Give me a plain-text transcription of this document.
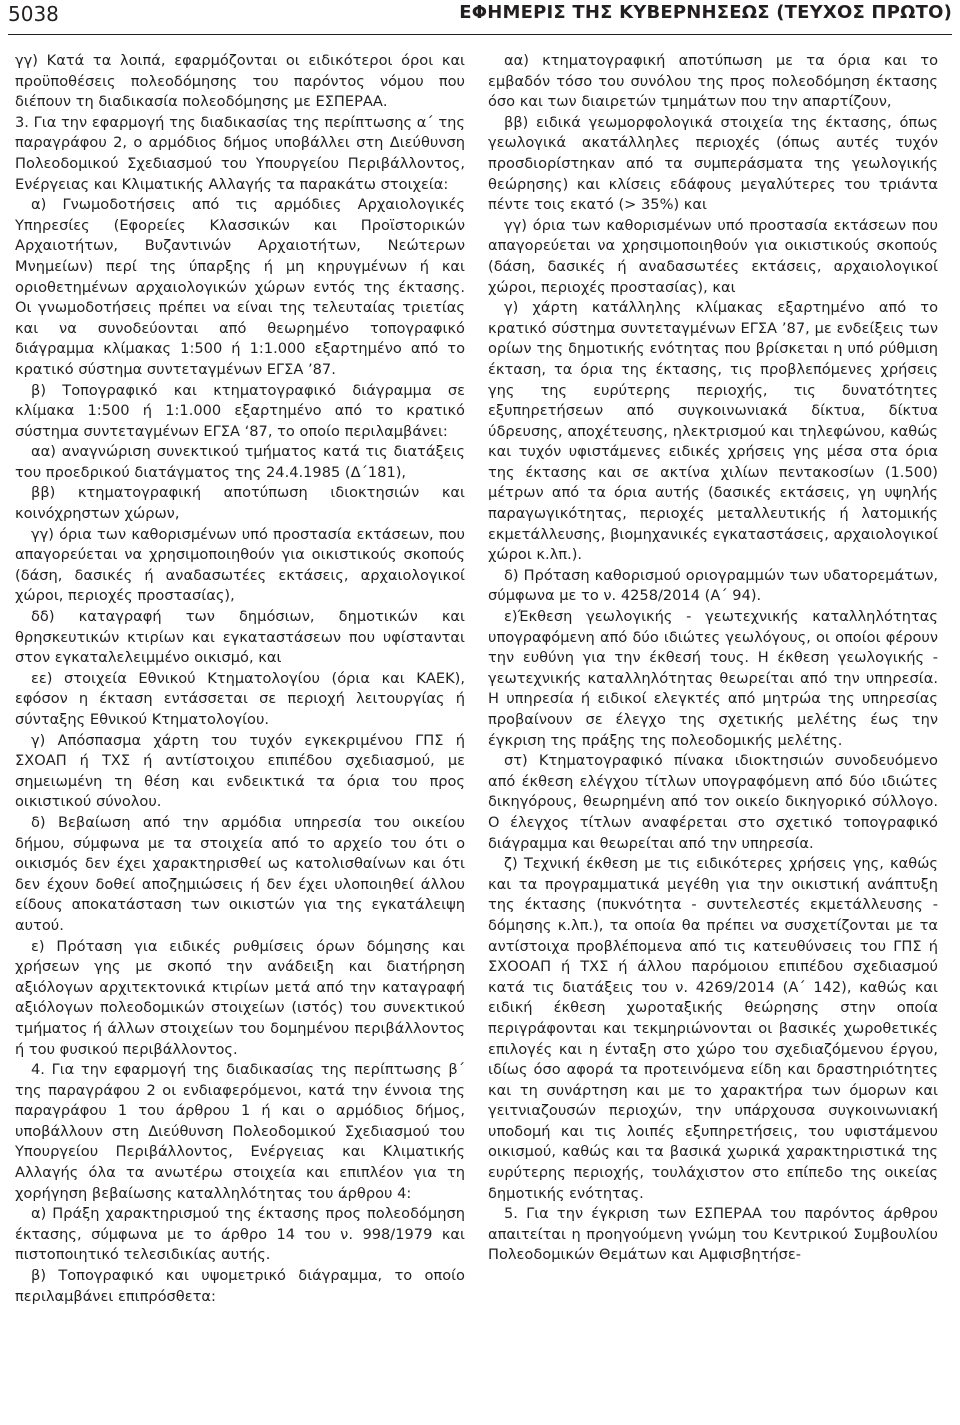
5038	ΕΦΗΜΕΡΙΣ ΤΗΣ ΚΥΒΕΡΝΗΣΕΩΣ (ΤΕΥΧΟΣ ΠΡΩΤΟ)

γγ) Κατά τα λοιπά, εφαρμόζονται οι ειδικότεροι όροι και προϋποθέσεις πολεοδόμησης του παρόντος νόμου που διέπουν τη διαδικασία πολεοδόμησης με ΕΣΠΕΡΑΑ.

3. Για την εφαρμογή της διαδικασίας της περίπτωσης α΄ της παραγράφου 2, ο αρμόδιος δήμος υποβάλλει στη Διεύθυνση Πολεοδομικού Σχεδιασμού του Υπουργείου Περιβάλλοντος, Ενέργειας και Κλιματικής Αλλαγής τα παρακάτω στοιχεία:

α) Γνωμοδοτήσεις από τις αρμόδιες Αρχαιολογικές Υπηρεσίες (Εφορείες Κλασσικών και Προϊστορικών Αρχαιοτήτων, Βυζαντινών Αρχαιοτήτων, Νεώτερων Μνημείων) περί της ύπαρξης ή μη κηρυγμένων ή και οριοθετημένων αρχαιολογικών χώρων εντός της έκτασης. Οι γνωμοδοτήσεις πρέπει να είναι της τελευταίας τριετίας και να συνοδεύονται από θεωρημένο τοπογραφικό διάγραμμα κλίμακας 1:500 ή 1:1.000 εξαρτημένο από το κρατικό σύστημα συντεταγμένων ΕΓΣΑ ’87.

β) Τοπογραφικό και κτηματογραφικό διάγραμμα σε κλίμακα 1:500 ή 1:1.000 εξαρτημένο από το κρατικό σύστημα συντεταγμένων ΕΓΣΑ ‘87, το οποίο περιλαμβάνει:

αα) αναγνώριση συνεκτικού τμήματος κατά τις διατάξεις του προεδρικού διατάγματος της 24.4.1985 (Δ΄181),

ββ) κτηματογραφική αποτύπωση ιδιοκτησιών και κοινόχρηστων χώρων,

γγ) όρια των καθορισμένων υπό προστασία εκτάσεων, που απαγορεύεται να χρησιμοποιηθούν για οικιστικούς σκοπούς (δάση, δασικές ή αναδασωτέες εκτάσεις, αρχαιολογικοί χώροι, περιοχές προστασίας),

δδ) καταγραφή των δημόσιων, δημοτικών και θρησκευτικών κτιρίων και εγκαταστάσεων που υφίστανται στον εγκαταλελειμμένο οικισμό, και

εε) στοιχεία Εθνικού Κτηματολογίου (όρια και ΚΑΕΚ), εφόσον η έκταση εντάσσεται σε περιοχή λειτουργίας ή σύνταξης Εθνικού Κτηματολογίου.

γ) Απόσπασμα χάρτη του τυχόν εγκεκριμένου ΓΠΣ ή ΣΧΟΑΠ ή ΤΧΣ ή αντίστοιχου επιπέδου σχεδιασμού, με σημειωμένη τη θέση και ενδεικτικά τα όρια του προς οικιστικού σύνολου.

δ) Βεβαίωση από την αρμόδια υπηρεσία του οικείου δήμου, σύμφωνα με τα στοιχεία από το αρχείο του ότι ο οικισμός δεν έχει χαρακτηρισθεί ως κατολισθαίνων και ότι δεν έχουν δοθεί αποζημιώσεις ή δεν έχει υλοποιηθεί άλλου είδους αποκατάσταση των οικιστών για της εγκατάλειψη αυτού.

ε) Πρόταση για ειδικές ρυθμίσεις όρων δόμησης και χρήσεων γης με σκοπό την ανάδειξη και διατήρηση αξιόλογων αρχιτεκτονικά κτιρίων μετά από την καταγραφή αξιόλογων πολεοδομικών στοιχείων (ιστός) του συνεκτικού τμήματος ή άλλων στοιχείων του δομημένου περιβάλλοντος ή του φυσικού περιβάλλοντος.

4. Για την εφαρμογή της διαδικασίας της περίπτωσης β΄ της παραγράφου 2 οι ενδιαφερόμενοι, κατά την έννοια της παραγράφου 1 του άρθρου 1 ή και ο αρμόδιος δήμος, υποβάλλουν στη Διεύθυνση Πολεοδομικού Σχεδιασμού του Υπουργείου Περιβάλλοντος, Ενέργειας και Κλιματικής Αλλαγής όλα τα ανωτέρω στοιχεία και επιπλέον για τη χορήγηση βεβαίωσης καταλληλότητας του άρθρου 4:

α) Πράξη χαρακτηρισμού της έκτασης προς πολεοδόμηση έκτασης, σύμφωνα με το άρθρο 14 του ν. 998/1979 και πιστοποιητικό τελεσιδικίας αυτής.

β) Τοπογραφικό και υψομετρικό διάγραμμα, το οποίο περιλαμβάνει επιπρόσθετα:

αα) κτηματογραφική αποτύπωση με τα όρια και το εμβαδόν τόσο του συνόλου της προς πολεοδόμηση έκτασης όσο και των διαιρετών τμημάτων που την απαρτίζουν,

ββ) ειδικά γεωμορφολογικά στοιχεία της έκτασης, όπως γεωλογικά ακατάλληλες περιοχές (όπως αυτές τυχόν προσδιορίστηκαν από τα συμπεράσματα της γεωλογικής θεώρησης) και κλίσεις εδάφους μεγαλύτερες του τριάντα πέντε τοις εκατό (> 35%) και

γγ) όρια των καθορισμένων υπό προστασία εκτάσεων που απαγορεύεται να χρησιμοποιηθούν για οικιστικούς σκοπούς (δάση, δασικές ή αναδασωτέες εκτάσεις, αρχαιολογικοί χώροι, περιοχές προστασίας), και

γ) χάρτη κατάλληλης κλίμακας εξαρτημένο από το κρατικό σύστημα συντεταγμένων ΕΓΣΑ ’87, με ενδείξεις των ορίων της δημοτικής ενότητας που βρίσκεται η υπό ρύθμιση έκταση, τα όρια της έκτασης, τις προβλεπόμενες χρήσεις γης της ευρύτερης περιοχής, τις δυνατότητες εξυπηρετήσεων από συγκοινωνιακά δίκτυα, δίκτυα ύδρευσης, αποχέτευσης, ηλεκτρισμού και τηλεφώνου, καθώς και τυχόν υφιστάμενες ειδικές χρήσεις γης μέσα στα όρια της έκτασης και σε ακτίνα χιλίων πεντακοσίων (1.500) μέτρων από τα όρια αυτής (δασικές εκτάσεις, γη υψηλής παραγωγικότητας, περιοχές μεταλλευτικής ή λατομικής εκμετάλλευσης, βιομηχανικές εγκαταστάσεις, αρχαιολογικοί χώροι κ.λπ.).

δ) Πρόταση καθορισμού οριογραμμών των υδατορεμάτων, σύμφωνα με το ν. 4258/2014 (Α΄ 94).

ε)Έκθεση γεωλογικής - γεωτεχνικής καταλληλότητας υπογραφόμενη από δύο ιδιώτες γεωλόγους, οι οποίοι φέρουν την ευθύνη για την έκθεσή τους. Η έκθεση γεωλογικής - γεωτεχνικής καταλληλότητας θεωρείται από την υπηρεσία. Η υπηρεσία ή ειδικοί ελεγκτές από μητρώα της υπηρεσίας προβαίνουν σε έλεγχο της σχετικής μελέτης έως την έγκριση της πράξης της πολεοδομικής μελέτης.

στ) Κτηματογραφικό πίνακα ιδιοκτησιών συνοδευόμενο από έκθεση ελέγχου τίτλων υπογραφόμενη από δύο ιδιώτες δικηγόρους, θεωρημένη από τον οικείο δικηγορικό σύλλογο. Ο έλεγχος τίτλων αναφέρεται στο σχετικό τοπογραφικό διάγραμμα και θεωρείται από την υπηρεσία.

ζ) Τεχνική έκθεση με τις ειδικότερες χρήσεις γης, καθώς και τα προγραμματικά μεγέθη για την οικιστική ανάπτυξη της έκτασης (πυκνότητα - συντελεστές εκμετάλλευσης - δόμησης κ.λπ.), τα οποία θα πρέπει να συσχετίζονται με τα αντίστοιχα προβλέπομενα από τις κατευθύνσεις του ΓΠΣ ή ΣΧΟΟΑΠ ή ΤΧΣ ή άλλου παρόμοιου επιπέδου σχεδιασμού κατά τις διατάξεις του ν. 4269/2014 (Α΄ 142), καθώς και ειδική έκθεση χωροταξικής θεώρησης στην οποία περιγράφονται και τεκμηριώνονται οι βασικές χωροθετικές επιλογές και η ένταξη στο χώρο του σχεδιαζόμενου έργου, ιδίως όσο αφορά τα προτεινόμενα είδη και δραστηριότητες και τη συνάρτηση και με το χαρακτήρα των όμορων και γειτνιαζουσών περιοχών, την υπάρχουσα συγκοινωνιακή υποδομή και τις λοιπές εξυπηρετήσεις, του υφιστάμενου οικισμού, καθώς και τα βασικά χωρικά χαρακτηριστικά της ευρύτερης περιοχής, τουλάχιστον στο επίπεδο της οικείας δημοτικής ενότητας.

5. Για την έγκριση των ΕΣΠΕΡΑΑ του παρόντος άρθρου απαιτείται η προηγούμενη γνώμη του Κεντρικού Συμβουλίου Πολεοδομικών Θεμάτων και Αμφισβητήσε-
